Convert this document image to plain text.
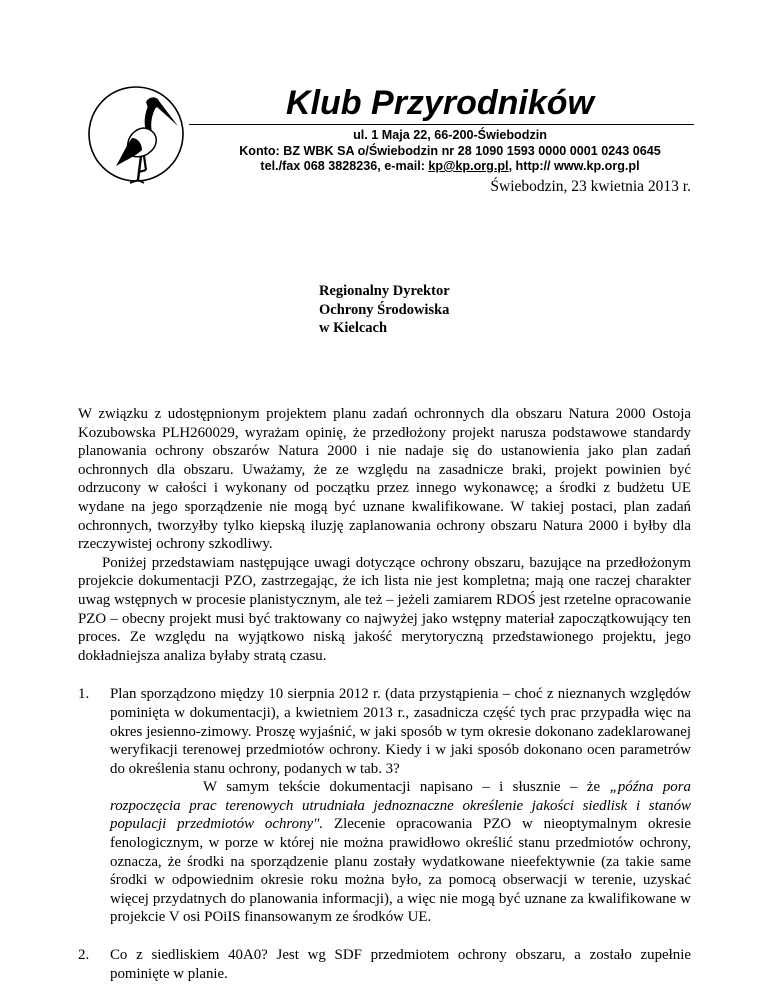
Klub Przyrodników
ul. 1 Maja 22, 66-200-Świebodzin
Konto: BZ WBK SA o/Świebodzin nr 28 1090 1593 0000 0001 0243 0645
tel./fax 068 3828236, e-mail: kp@kp.org.pl, http:// www.kp.org.pl
Świebodzin, 23 kwietnia 2013 r.
Regionalny Dyrektor
Ochrony Środowiska
w Kielcach

W związku z udostępnionym projektem planu zadań ochronnych dla obszaru Natura 2000 Ostoja Kozubowska PLH260029, wyrażam opinię, że przedłożony projekt narusza podstawowe standardy planowania ochrony obszarów Natura 2000 i nie nadaje się do ustanowienia jako plan zadań ochronnych dla obszaru. Uważamy, że ze względu na zasadnicze braki, projekt powinien być odrzucony w całości i wykonany od początku przez innego wykonawcę; a środki z budżetu UE wydane na jego sporządzenie nie mogą być uznane kwalifikowane. W takiej postaci, plan zadań ochronnych, tworzyłby tylko kiepską iluzję zaplanowania ochrony obszaru Natura 2000 i byłby dla rzeczywistej ochrony szkodliwy.

Poniżej przedstawiam następujące uwagi dotyczące ochrony obszaru, bazujące na przedłożonym projekcie dokumentacji PZO, zastrzegając, że ich lista nie jest kompletna; mają one raczej charakter uwag wstępnych w procesie planistycznym, ale też – jeżeli zamiarem RDOŚ jest rzetelne opracowanie PZO – obecny projekt musi być traktowany co najwyżej jako wstępny materiał zapoczątkowujący ten proces. Ze względu na wyjątkowo niską jakość merytoryczną przedstawionego projektu, jego dokładniejsza analiza byłaby stratą czasu.

1. Plan sporządzono między 10 sierpnia 2012 r. (data przystąpienia – choć z nieznanych względów pominięta w dokumentacji), a kwietniem 2013 r., zasadnicza część tych prac przypadła więc na okres jesienno-zimowy. Proszę wyjaśnić, w jaki sposób w tym okresie dokonano zadeklarowanej weryfikacji terenowej przedmiotów ochrony. Kiedy i w jaki sposób dokonano ocen parametrów do określenia stanu ochrony, podanych w tab. 3?

W samym tekście dokumentacji napisano – i słusznie – że „późna pora rozpoczęcia prac terenowych utrudniała jednoznaczne określenie jakości siedlisk i stanów populacji przedmiotów ochrony". Zlecenie opracowania PZO w nieoptymalnym okresie fenologicznym, w porze w której nie można prawidłowo określić stanu przedmiotów ochrony, oznacza, że środki na sporządzenie planu zostały wydatkowane nieefektywnie (za takie same środki w odpowiednim okresie roku można było, za pomocą obserwacji w terenie, uzyskać więcej przydatnych do planowania informacji), a więc nie mogą być uznane za kwalifikowane w projekcie V osi POiIS finansowanym ze środków UE.

2. Co z siedliskiem 40A0? Jest wg SDF przedmiotem ochrony obszaru, a zostało zupełnie pominięte w planie.
